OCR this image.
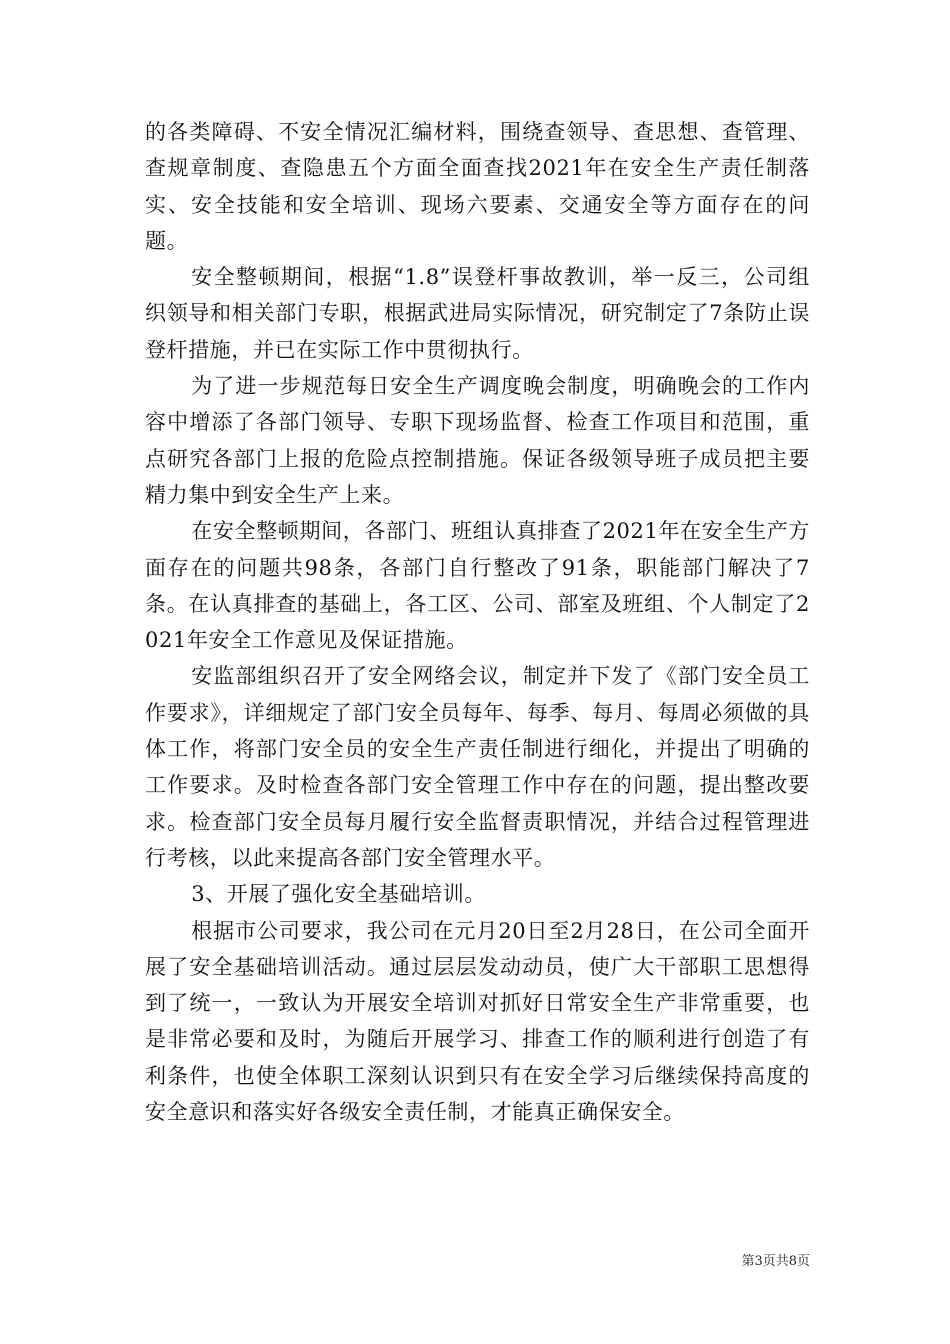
的各类障碍、不安全情况汇编材料，围绕查领导、查思想、查管理、查规章制度、查隐患五个方面全面查找2021年在安全生产责任制落实、安全技能和安全培训、现场六要素、交通安全等方面存在的问题。

安全整顿期间，根据“1.8”误登杆事故教训，举一反三，公司组织领导和相关部门专职，根据武进局实际情况，研究制定了7条防止误登杆措施，并已在实际工作中贯彻执行。

为了进一步规范每日安全生产调度晚会制度，明确晚会的工作内容中增添了各部门领导、专职下现场监督、检查工作项目和范围，重点研究各部门上报的危险点控制措施。保证各级领导班子成员把主要精力集中到安全生产上来。

在安全整顿期间，各部门、班组认真排查了2021年在安全生产方面存在的问题共98条，各部门自行整改了91条，职能部门解决了7条。在认真排查的基础上，各工区、公司、部室及班组、个人制定了2021年安全工作意见及保证措施。

安监部组织召开了安全网络会议，制定并下发了《部门安全员工作要求》，详细规定了部门安全员每年、每季、每月、每周必须做的具体工作，将部门安全员的安全生产责任制进行细化，并提出了明确的工作要求。及时检查各部门安全管理工作中存在的问题，提出整改要求。检查部门安全员每月履行安全监督责职情况，并结合过程管理进行考核，以此来提高各部门安全管理水平。

3、开展了强化安全基础培训。

根据市公司要求，我公司在元月20日至2月28日，在公司全面开展了安全基础培训活动。通过层层发动动员，使广大干部职工思想得到了统一，一致认为开展安全培训对抓好日常安全生产非常重要，也是非常必要和及时，为随后开展学习、排查工作的顺利进行创造了有利条件，也使全体职工深刻认识到只有在安全学习后继续保持高度的安全意识和落实好各级安全责任制，才能真正确保安全。

第3页共8页
